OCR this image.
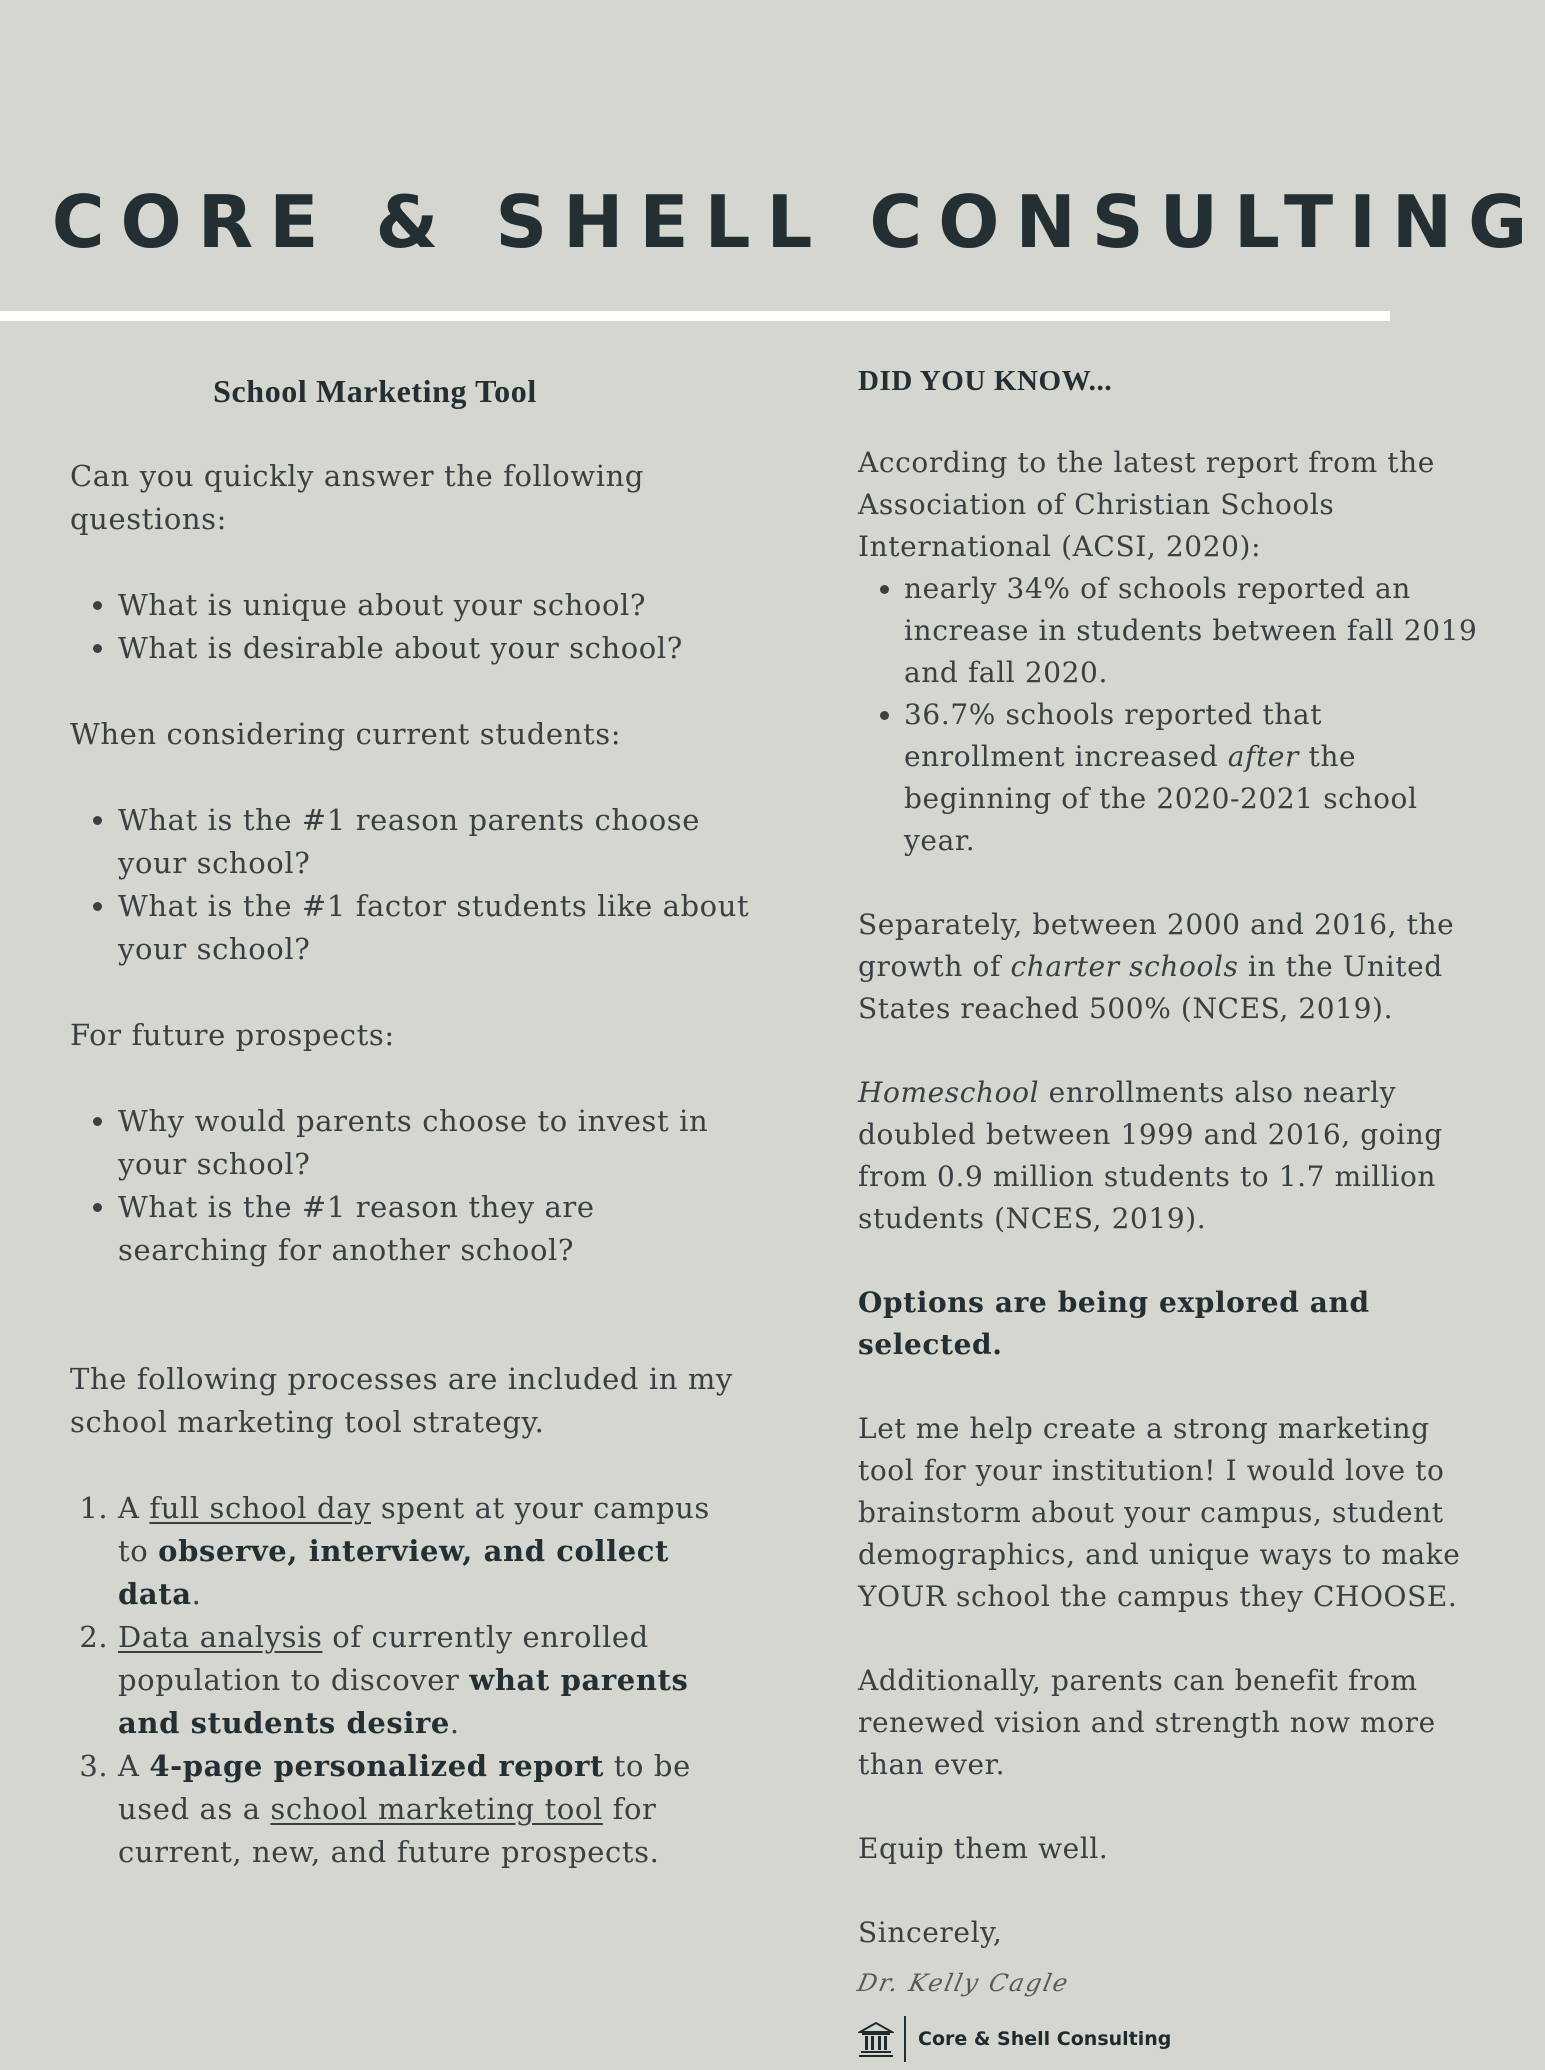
CORE & SHELL CONSULTING

School Marketing Tool

Can you quickly answer the following questions:

• What is unique about your school?
• What is desirable about your school?

When considering current students:

• What is the #1 reason parents choose your school?
• What is the #1 factor students like about your school?

For future prospects:

• Why would parents choose to invest in your school?
• What is the #1 reason they are searching for another school?

The following processes are included in my school marketing tool strategy.

1. A full school day spent at your campus to observe, interview, and collect data.
2. Data analysis of currently enrolled population to discover what parents and students desire.
3. A 4-page personalized report to be used as a school marketing tool for current, new, and future prospects.

DID YOU KNOW...

According to the latest report from the Association of Christian Schools International (ACSI, 2020):

• nearly 34% of schools reported an increase in students between fall 2019 and fall 2020.
• 36.7% schools reported that enrollment increased after the beginning of the 2020-2021 school year.

Separately, between 2000 and 2016, the growth of charter schools in the United States reached 500% (NCES, 2019).

Homeschool enrollments also nearly doubled between 1999 and 2016, going from 0.9 million students to 1.7 million students (NCES, 2019).

Options are being explored and selected.

Let me help create a strong marketing tool for your institution! I would love to brainstorm about your campus, student demographics, and unique ways to make YOUR school the campus they CHOOSE.

Additionally, parents can benefit from renewed vision and strength now more than ever.

Equip them well.

Sincerely,

Dr. Kelly Cagle
Core & Shell Consulting
